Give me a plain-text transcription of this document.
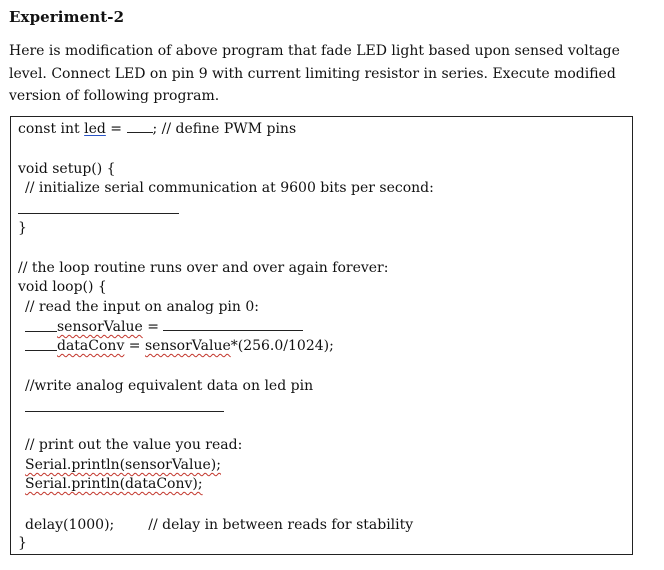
Experiment-2
Here is modification of above program that fade LED light based upon sensed voltage
level. Connect LED on pin 9 with current limiting resistor in series. Execute modified
version of following program.
const int led = ; // define PWM pins
void setup() {
// initialize serial communication at 9600 bits per second:
}
// the loop routine runs over and over again forever:
void loop() {
// read the input on analog pin 0:
sensorValue =
dataConv = sensorValue*(256.0/1024);
//write analog equivalent data on led pin
// print out the value you read:
Serial.println(sensorValue);
Serial.println(dataConv);
delay(1000); // delay in between reads for stability
}
